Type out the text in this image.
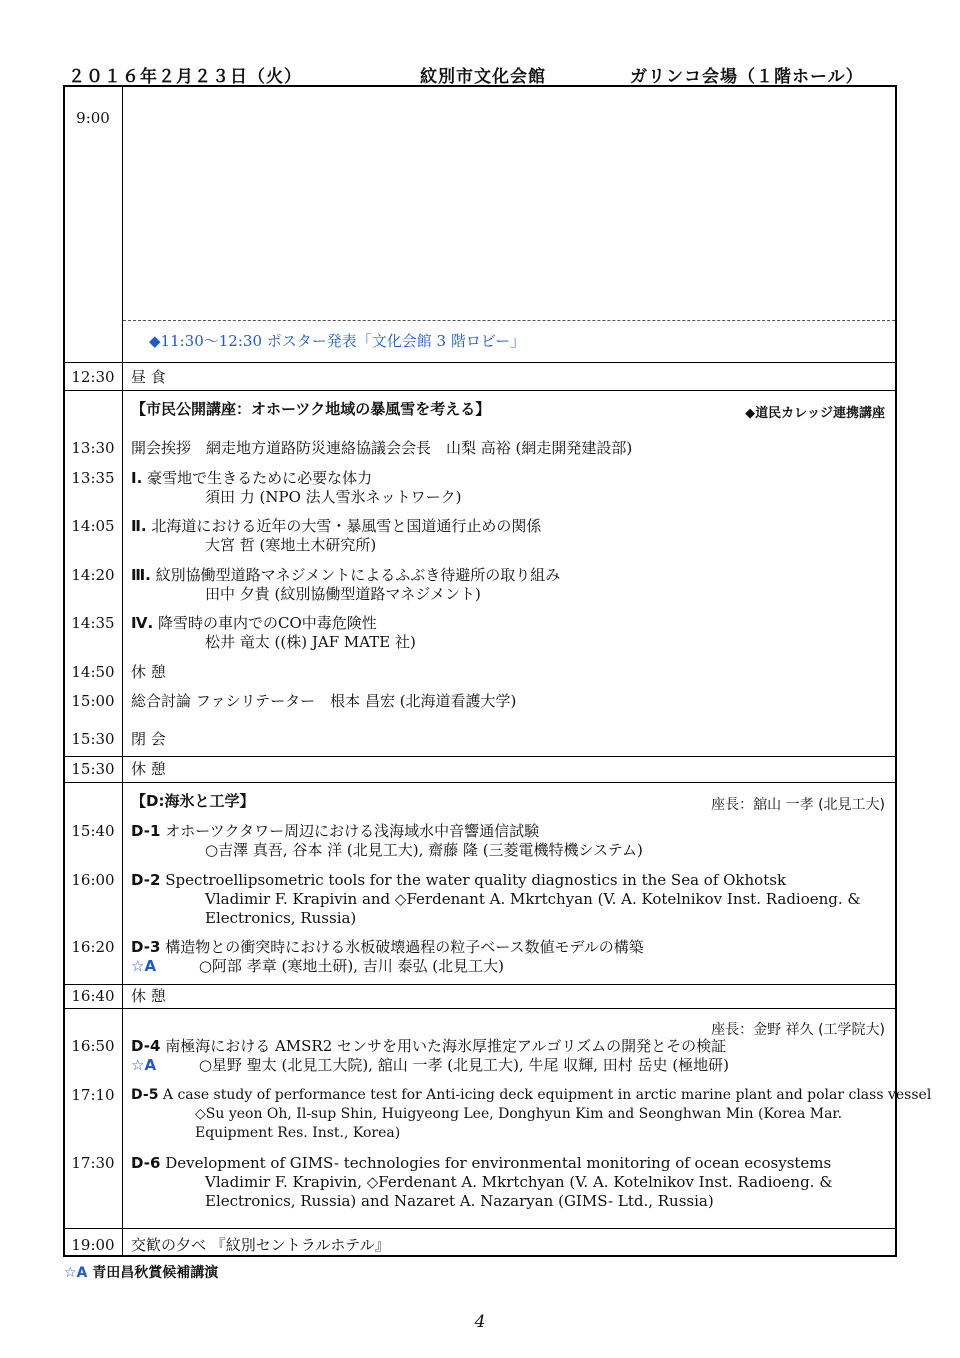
２０１６年２月２３日（火）	紋別市文化会館	ガリンコ会場（１階ホール）
9:00
◆11:30〜12:30 ポスター発表「文化会館 3 階ロビー」
12:30	昼 食
【市民公開講座：オホーツク地域の暴風雪を考える】	◆道民カレッジ連携講座
13:30	開会挨拶　網走地方道路防災連絡協議会会長　山梨 高裕 (網走開発建設部)
13:35	Ⅰ. 豪雪地で生きるために必要な体力
須田 力 (NPO 法人雪氷ネットワーク)
14:05	Ⅱ. 北海道における近年の大雪・暴風雪と国道通行止めの関係
大宮 哲 (寒地土木研究所)
14:20	Ⅲ. 紋別協働型道路マネジメントによるふぶき待避所の取り組み
田中 夕貴 (紋別協働型道路マネジメント)
14:35	Ⅳ. 降雪時の車内でのCO中毒危険性
松井 竜太 ((株) JAF MATE 社)
14:50	休 憩
15:00	総合討論 ファシリテーター　根本 昌宏 (北海道看護大学)
15:30	閉 会
15:30	休 憩
【D:海氷と工学】	座長：舘山 一孝 (北見工大)
15:40	D-1 オホーツクタワー周辺における浅海域水中音響通信試験
○吉澤 真吾, 谷本 洋 (北見工大), 齋藤 隆 (三菱電機特機システム)
16:00	D-2 Spectroellipsometric tools for the water quality diagnostics in the Sea of Okhotsk
Vladimir F. Krapivin and ◇Ferdenant A. Mkrtchyan (V. A. Kotelnikov Inst. Radioeng. &
Electronics, Russia)
16:20	D-3 構造物との衝突時における氷板破壊過程の粒子ベース数値モデルの構築
☆A	○阿部 孝章 (寒地土研), 吉川 泰弘 (北見工大)
16:40	休 憩
座長：金野 祥久 (工学院大)
16:50	D-4 南極海における AMSR2 センサを用いた海氷厚推定アルゴリズムの開発とその検証
☆A	○星野 聖太 (北見工大院), 舘山 一孝 (北見工大), 牛尾 収輝, 田村 岳史 (極地研)
17:10	D-5 A case study of performance test for Anti-icing deck equipment in arctic marine plant and polar class vessel
◇Su yeon Oh, Il-sup Shin, Huigyeong Lee, Donghyun Kim and Seonghwan Min (Korea Mar.
Equipment Res. Inst., Korea)
17:30	D-6 Development of GIMS- technologies for environmental monitoring of ocean ecosystems
Vladimir F. Krapivin, ◇Ferdenant A. Mkrtchyan (V. A. Kotelnikov Inst. Radioeng. &
Electronics, Russia) and Nazaret A. Nazaryan (GIMS- Ltd., Russia)
19:00	交歓の夕べ 『紋別セントラルホテル』
☆A 青田昌秋賞候補講演
4
